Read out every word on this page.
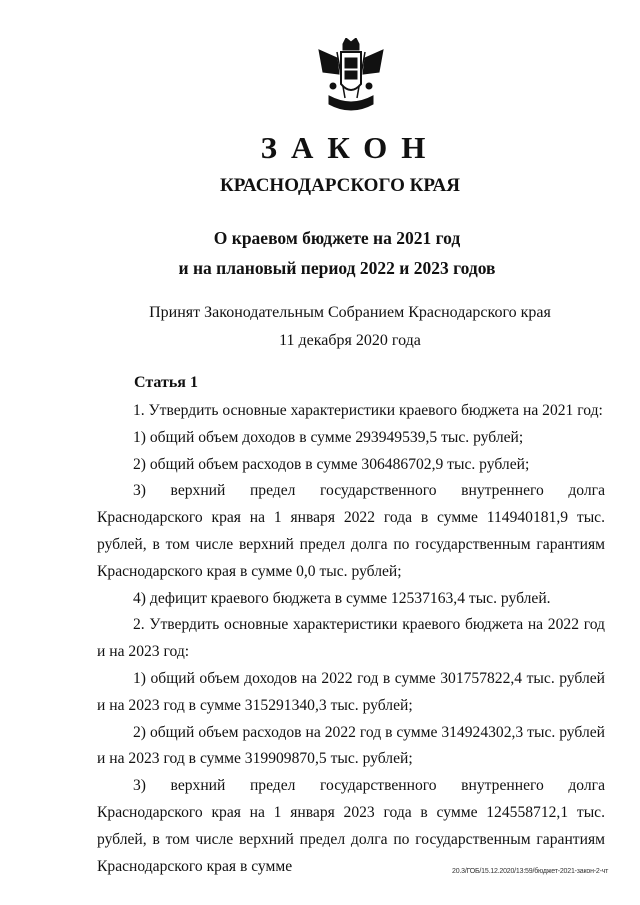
ЗАКОН
КРАСНОДАРСКОГО КРАЯ
О краевом бюджете на 2021 год
и на плановый период 2022 и 2023 годов
Принят Законодательным Собранием Краснодарского края
11 декабря 2020 года
Статья 1

1. Утвердить основные характеристики краевого бюджета на 2021 год:

1) общий объем доходов в сумме 293949539,5 тыс. рублей;

2) общий объем расходов в сумме 306486702,9 тыс. рублей;

3) верхний предел государственного внутреннего долга Краснодарского края на 1 января 2022 года в сумме 114940181,9 тыс. рублей, в том числе верхний предел долга по государственным гарантиям Краснодарского края в сумме 0,0 тыс. рублей;

4) дефицит краевого бюджета в сумме 12537163,4 тыс. рублей.

2. Утвердить основные характеристики краевого бюджета на 2022 год и на 2023 год:

1) общий объем доходов на 2022 год в сумме 301757822,4 тыс. рублей и на 2023 год в сумме 315291340,3 тыс. рублей;

2) общий объем расходов на 2022 год в сумме 314924302,3 тыс. рублей и на 2023 год в сумме 319909870,5 тыс. рублей;

3) верхний предел государственного внутреннего долга Краснодарского края на 1 января 2023 года в сумме 124558712,1 тыс. рублей, в том числе верхний предел долга по государственным гарантиям Краснодарского края в сумме	20.3/ГОБ/15.12.2020/13:59/бюджет-2021-закон-2-чт
